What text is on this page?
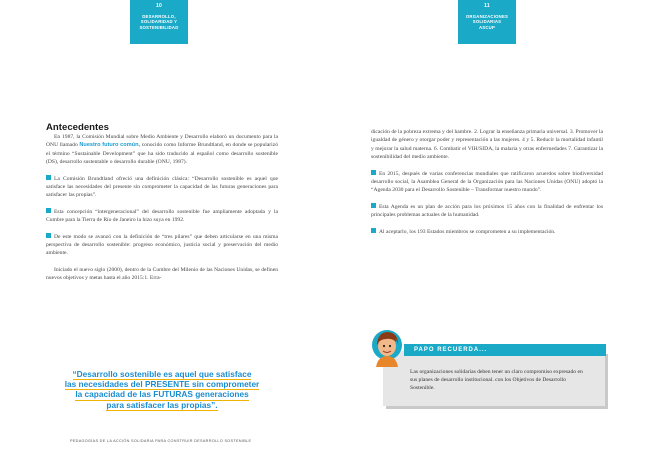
10
DESARROLLO,
SOLIDARIDAD Y
SOSTENIBILIDAD
Antecedentes

En 1987, la Comisión Mundial sobre Medio Ambiente y Desarrollo elaboró un documento para la ONU llamado Nuestro futuro común, conocido como Informe Brundtland, en donde se popularizó el término “Sustainable Development” que ha sido traducido al español como desarrollo sostenible (DS), desarrollo sustentable o desarrollo durable (ONU, 1987).

La Comisión Brundtland ofreció una definición clásica: “Desarrollo sostenible es aquel que satisface las necesidades del presente sin comprometer la capacidad de las futuras generaciones para satisfacer las propias”.

Esta concepción “intergeneracional” del desarrollo sostenible fue ampliamente adoptada y la Cumbre para la Tierra de Río de Janeiro la hizo suya en 1992.

De este modo se avanzó con la definición de “tres pilares” que deben articularse en una misma perspectiva de desarrollo sostenible: progreso económico, justicia social y preservación del medio ambiente.

Iniciado el nuevo siglo (2000), dentro de la Cumbre del Milenio de las Naciones Unidas, se definen nuevos objetivos y metas hasta el año 2015:1. Erra-

“Desarrollo sostenible es aquel que satisface
las necesidades del PRESENTE sin comprometer
la capacidad de las FUTURAS generaciones
para satisfacer las propias”.
PEDAGOGÍAS DE LA ACCIÓN SOLIDARIA PARA CONSTRUIR DESARROLLO SOSTENIBLE
11
ORGANIZACIONES
SOLIDARIAS
ASCUP

dicación de la pobreza extrema y del hambre. 2. Lograr la enseñanza primaria universal. 3. Promover la igualdad de género y otorgar poder y representación a las mujeres. 4 y 5. Reducir la mortalidad infantil y mejorar la salud materna. 6. Combatir el VIH/SIDA, la malaria y otras enfermedades 7. Garantizar la sostenibilidad del medio ambiente.

En 2015, después de varias conferencias mundiales que ratificaron acuerdos sobre biodiversidad desarrollo social, la Asamblea General de la Organización para las Naciones Unidas (ONU) adoptó la “Agenda 2030 para el Desarrollo Sostenible – Transformar nuestro mundo”.

Esta Agenda es un plan de acción para los próximos 15 años con la finalidad de enfrentar los principales problemas actuales de la humanidad.

Al aceptarlo, los 193 Estados miembros se comprometen a su implementación.

PAPO RECUERDA...
Las organizaciones solidarias deben tener un claro compromiso expresado en sus planes de desarrollo institucional. con los Objetivos de Desarrollo Sostenible.
